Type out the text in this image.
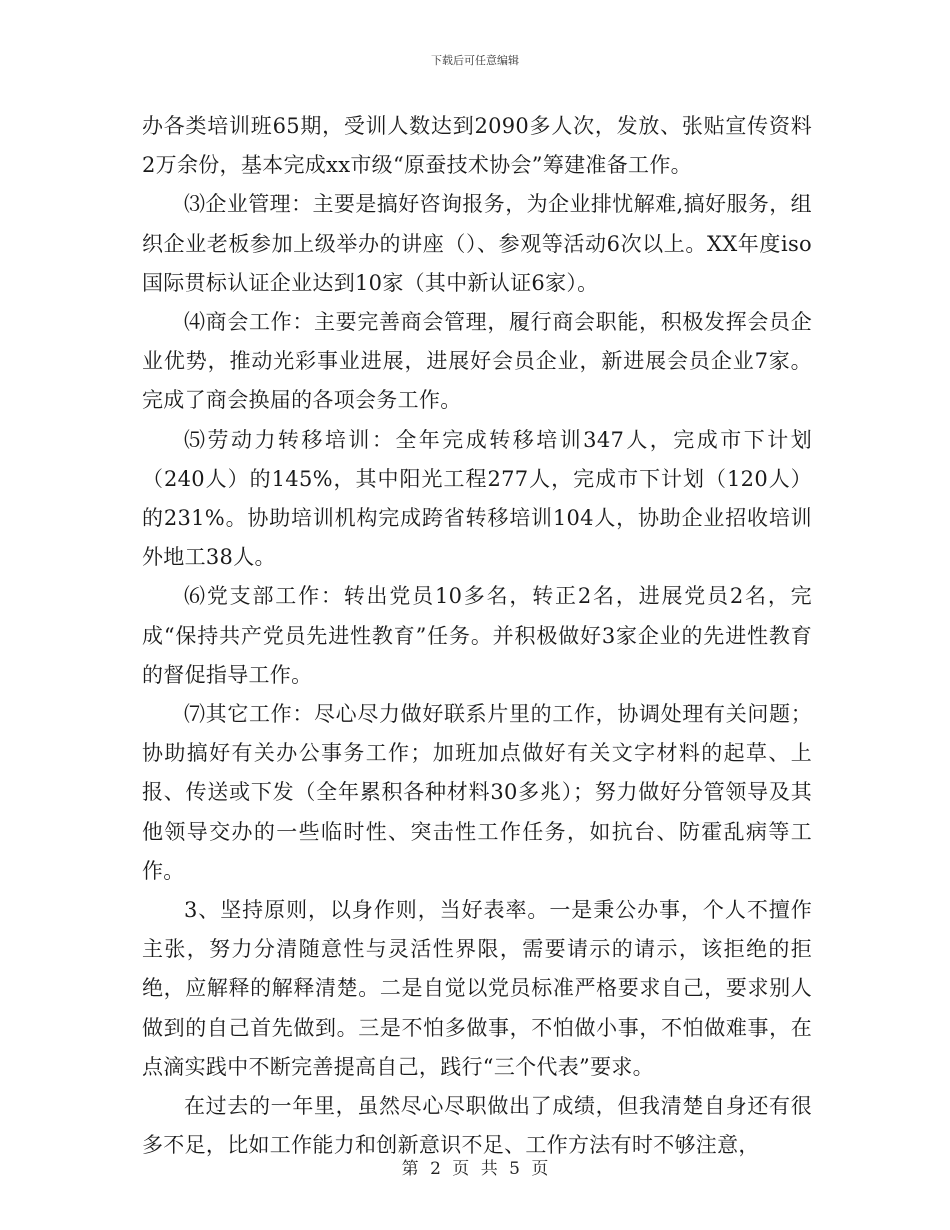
下载后可任意编辑

办各类培训班65期，受训人数达到2090多人次，发放、张贴宣传资料2万余份，基本完成xx市级“原蚕技术协会”筹建准备工作。

⑶企业管理：主要是搞好咨询报务，为企业排忧解难,搞好服务，组织企业老板参加上级举办的讲座（）、参观等活动6次以上。XX年度iso国际贯标认证企业达到10家（其中新认证6家）。

⑷商会工作：主要完善商会管理，履行商会职能，积极发挥会员企业优势，推动光彩事业进展，进展好会员企业，新进展会员企业7家。完成了商会换届的各项会务工作。

⑸劳动力转移培训：全年完成转移培训347人，完成市下计划（240人）的145%，其中阳光工程277人，完成市下计划（120人）的231%。协助培训机构完成跨省转移培训104人，协助企业招收培训外地工38人。

⑹党支部工作：转出党员10多名，转正2名，进展党员2名，完成“保持共产党员先进性教育”任务。并积极做好3家企业的先进性教育的督促指导工作。

⑺其它工作：尽心尽力做好联系片里的工作，协调处理有关问题；协助搞好有关办公事务工作；加班加点做好有关文字材料的起草、上报、传送或下发（全年累积各种材料30多兆）；努力做好分管领导及其他领导交办的一些临时性、突击性工作任务，如抗台、防霍乱病等工作。

3、坚持原则，以身作则，当好表率。一是秉公办事，个人不擅作主张，努力分清随意性与灵活性界限，需要请示的请示，该拒绝的拒绝，应解释的解释清楚。二是自觉以党员标准严格要求自己，要求别人做到的自己首先做到。三是不怕多做事，不怕做小事，不怕做难事，在点滴实践中不断完善提高自己，践行“三个代表”要求。

在过去的一年里，虽然尽心尽职做出了成绩，但我清楚自身还有很多不足，比如工作能力和创新意识不足、工作方法有时不够注意，

第 2 页 共 5 页
